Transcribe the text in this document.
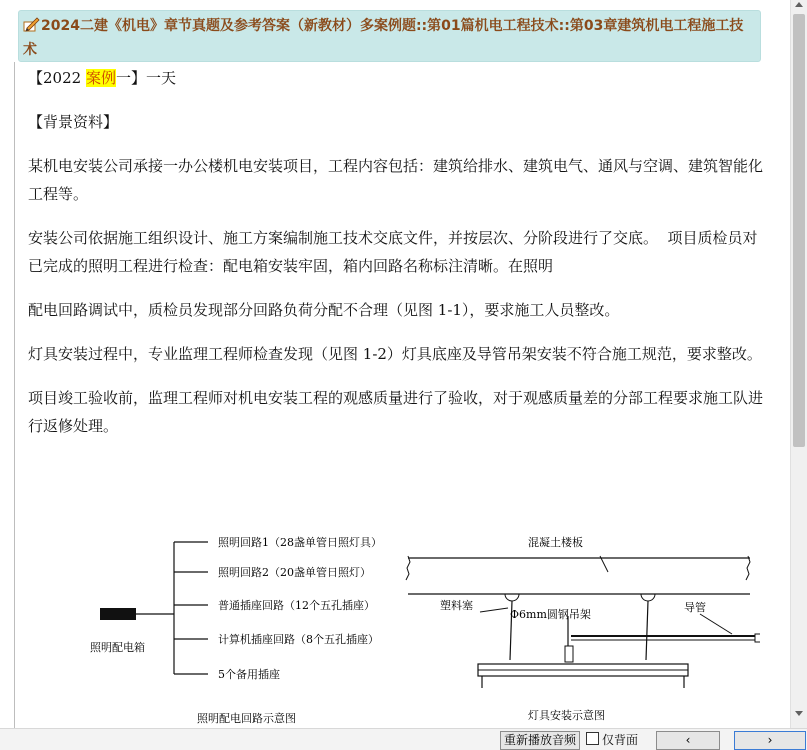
2024二建《机电》章节真题及参考答案（新教材）多案例题::第01篇机电工程技术::第03章建筑机电工程施工技术

【2022 案例一】一天

【背景资料】

某机电安装公司承接一办公楼机电安装项目，工程内容包括：建筑给排水、建筑电气、通风与空调、建筑智能化工程等。

安装公司依据施工组织设计、施工方案编制施工技术交底文件，并按层次、分阶段进行了交底。  项目质检员对已完成的照明工程进行检查：配电箱安装牢固，箱内回路名称标注清晰。在照明

配电回路调试中，质检员发现部分回路负荷分配不合理（见图 1-1），要求施工人员整改。

灯具安装过程中，专业监理工程师检查发现（见图 1-2）灯具底座及导管吊架安装不符合施工规范，要求整改。

项目竣工验收前，监理工程师对机电安装工程的观感质量进行了验收，对于观感质量差的分部工程要求施工队进行返修处理。

照明配电箱
照明回路1（28盏单管日照灯具）
照明回路2（20盏单管日照灯）
普通插座回路（12个五孔插座）
计算机插座回路（8个五孔插座）
5个备用插座
照明配电回路示意图
混凝土楼板
塑料塞
Φ6mm圆钢吊架
导管
灯具安装示意图
重新播放音频	仅背面	‹	›
